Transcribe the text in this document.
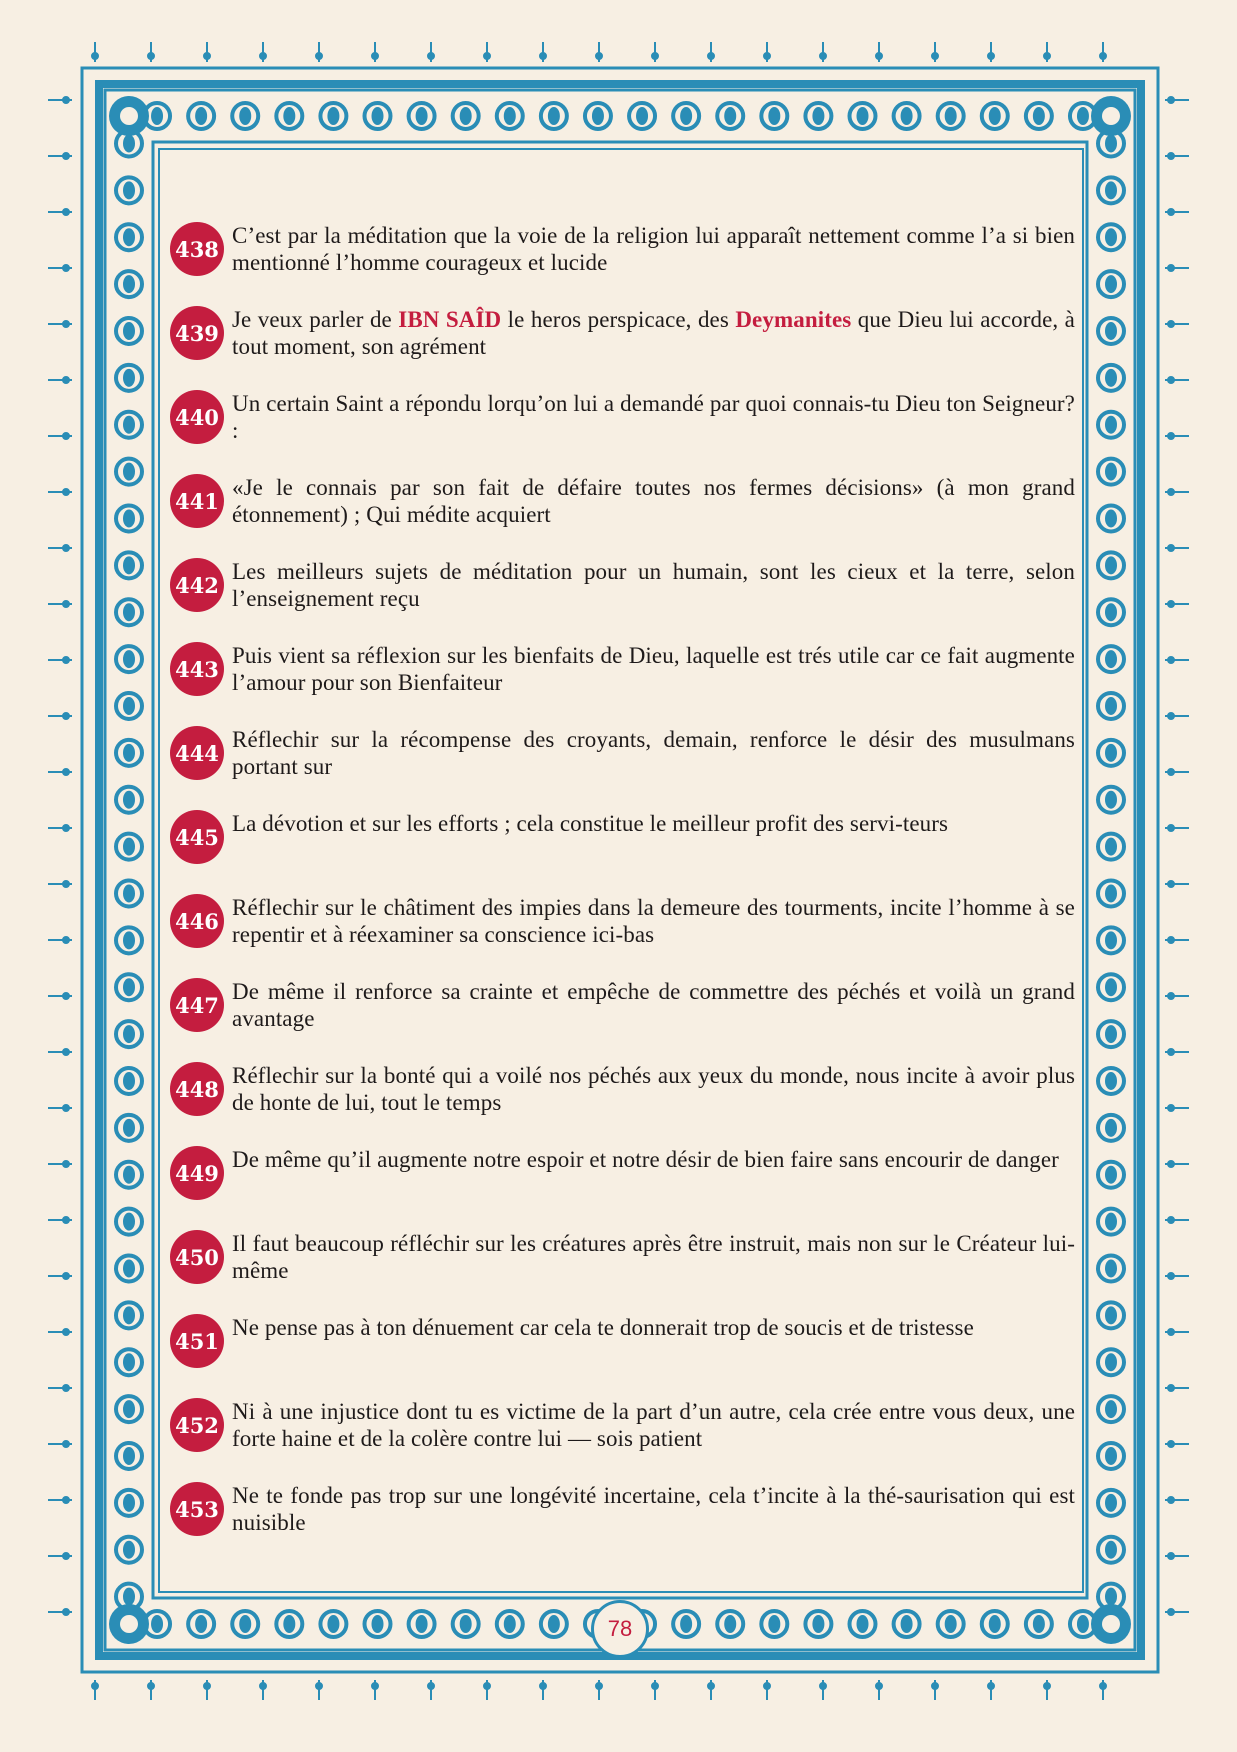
438
C’est par la méditation que la voie de la religion lui apparaît nettement comme l’a si bien mentionné l’homme courageux et lucide
439
Je veux parler de IBN SAÎD le heros perspicace, des Deymanites que Dieu lui accorde, à tout moment, son agrément
440
Un certain Saint a répondu lorqu’on lui a demandé par quoi connais-tu Dieu ton Seigneur? :
441
«Je le connais par son fait de défaire toutes nos fermes décisions» (à mon grand étonnement) ; Qui médite acquiert
442
Les meilleurs sujets de méditation pour un humain, sont les cieux et la terre, selon l’enseignement reçu
443
Puis vient sa réflexion sur les bienfaits de Dieu, laquelle est trés utile car ce fait augmente l’amour pour son Bienfaiteur
444
Réflechir sur la récompense des croyants, demain, renforce le désir des musulmans portant sur
445
La dévotion et sur les efforts ; cela constitue le meilleur profit des servi-teurs
446
Réflechir sur le châtiment des impies dans la demeure des tourments, incite l’homme à se repentir et à réexaminer sa conscience ici-bas
447
De même il renforce sa crainte et empêche de commettre des péchés et voilà un grand avantage
448
Réflechir sur la bonté qui a voilé nos péchés aux yeux du monde, nous incite à avoir plus de honte de lui, tout le temps
449
De même qu’il augmente notre espoir et notre désir de bien faire sans encourir de danger
450
Il faut beaucoup réfléchir sur les créatures après être instruit, mais non sur le Créateur lui-même
451
Ne pense pas à ton dénuement car cela te donnerait trop de soucis et de tristesse
452
Ni à une injustice dont tu es victime de la part d’un autre, cela crée entre vous deux, une forte haine et de la colère contre lui — sois patient
453
Ne te fonde pas trop sur une longévité incertaine, cela t’incite à la thé-saurisation qui est nuisible
78
